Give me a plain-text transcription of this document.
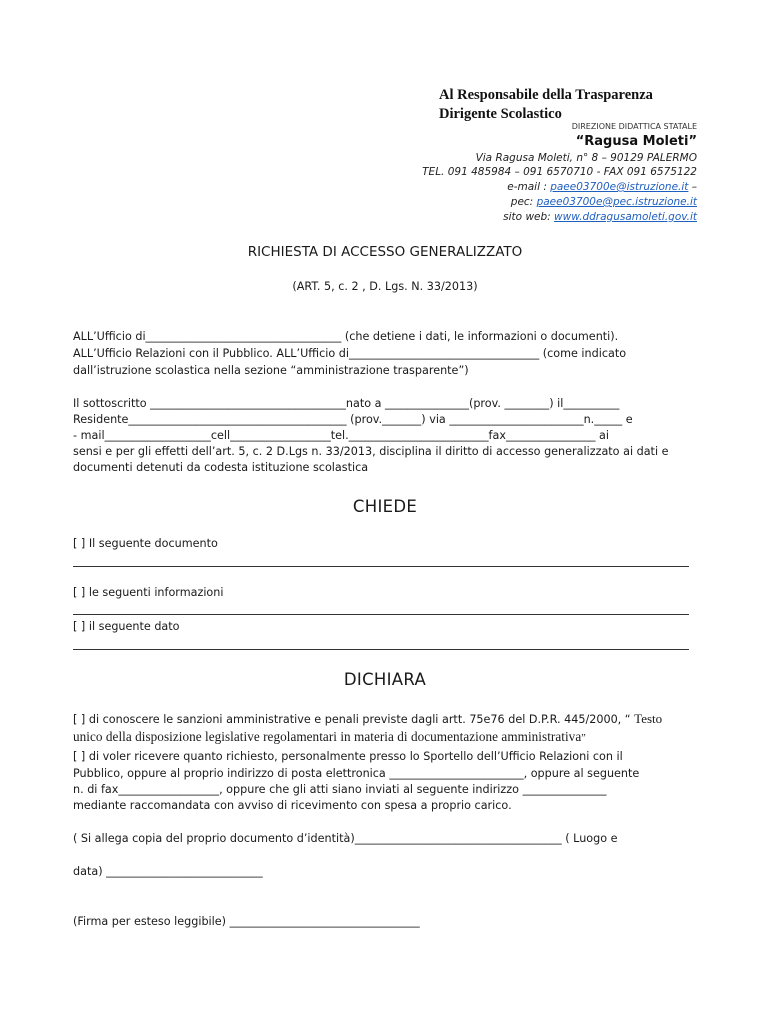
Al Responsabile della Trasparenza
Dirigente Scolastico
DIREZIONE DIDATTICA STATALE
“Ragusa Moleti”
Via Ragusa Moleti, n° 8 – 90129 PALERMO
TEL. 091 485984 – 091 6570710 - FAX 091 6575122
e-mail : paee03700e@istruzione.it –
pec: paee03700e@pec.istruzione.it
sito web: www.ddragusamoleti.gov.it
RICHIESTA DI ACCESSO GENERALIZZATO
(ART. 5, c. 2 , D. Lgs. N. 33/2013)
ALL’Ufficio di___________________________________ (che detiene i dati, le informazioni o documenti).
ALL’Ufficio Relazioni con il Pubblico. ALL’Ufficio di__________________________________ (come indicato
dall’istruzione scolastica nella sezione “amministrazione trasparente”)
Il sottoscritto ___________________________________nato a _______________(prov. ________) il__________
Residente_______________________________________ (prov._______) via ________________________n._____ e
- mail___________________cell__________________tel._________________________fax________________ ai
sensi e per gli effetti dell’art. 5, c. 2 D.Lgs n. 33/2013, disciplina il diritto di accesso generalizzato ai dati e
documenti detenuti da codesta istituzione scolastica
CHIEDE
[ ] Il seguente documento
[ ] le seguenti informazioni
[ ] il seguente dato
DICHIARA
[ ] di conoscere le sanzioni amministrative e penali previste dagli artt. 75e76 del D.P.R. 445/2000, “ Testo
unico della disposizione legislative regolamentari in materia di documentazione amministrativa”
[ ] di voler ricevere quanto richiesto, personalmente presso lo Sportello dell’Ufficio Relazioni con il
Pubblico, oppure al proprio indirizzo di posta elettronica ________________________, oppure al seguente
n. di fax__________________, oppure che gli atti siano inviati al seguente indirizzo _______________
mediante raccomandata con avviso di ricevimento con spesa a proprio carico.
( Si allega copia del proprio documento d’identità)_____________________________________ ( Luogo e
data) ____________________________
(Firma per esteso leggibile) __________________________________
